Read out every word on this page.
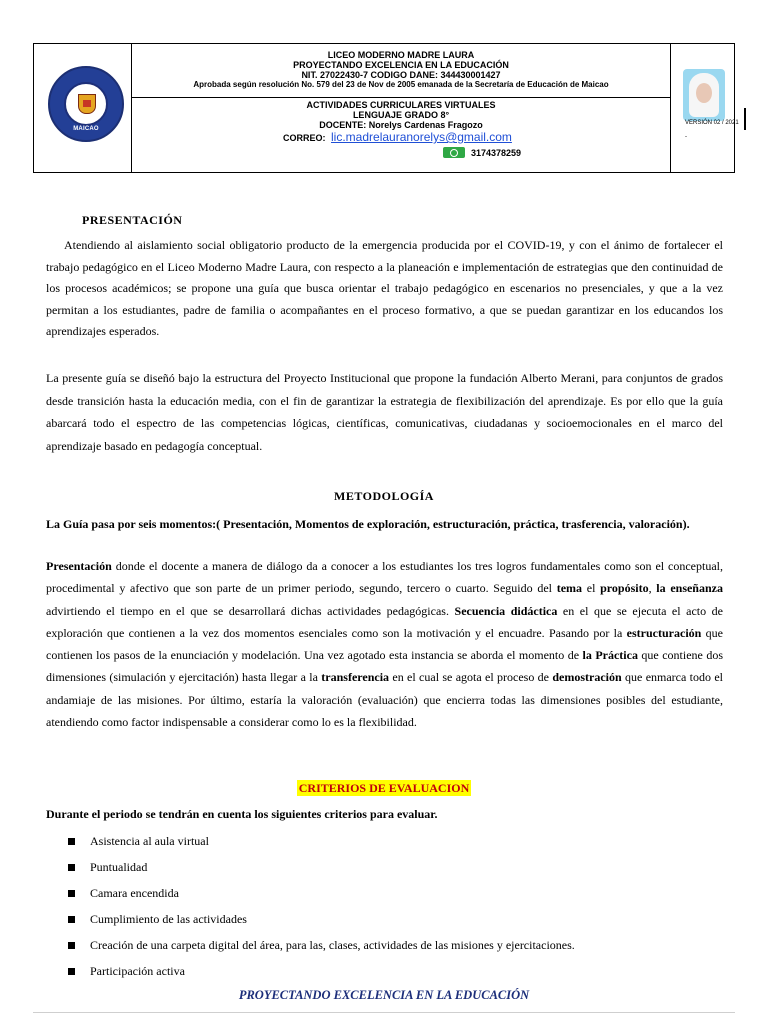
MAICAO
LICEO MODERNO MADRE LAURA
PROYECTANDO EXCELENCIA EN LA EDUCACIÓN
NIT. 27022430-7 CODIGO DANE: 344430001427
Aprobada según resolución No. 579 del 23 de Nov de 2005 emanada de la Secretaría de Educación de Maicao
ACTIVIDADES CURRICULARES VIRTUALES
LENGUAJE GRADO 8°
DOCENTE: Norelys Cardenas Fragozo
CORREO: lic.madrelauranorelys@gmail.com
3174378259
VERSIÓN 02 / 2021
.
PRESENTACIÓN

Atendiendo al aislamiento social obligatorio producto de la emergencia producida por el COVID-19, y con el ánimo de fortalecer el trabajo pedagógico en el Liceo Moderno Madre Laura, con respecto a la planeación e implementación de estrategias que den continuidad de los procesos académicos; se propone una guía que busca orientar el trabajo pedagógico en escenarios no presenciales, y que a la vez permitan a los estudiantes, padre de familia o acompañantes en el proceso formativo, a que se puedan garantizar en los educandos los aprendizajes esperados.

La presente guía se diseñó bajo la estructura del Proyecto Institucional que propone la fundación Alberto Merani, para conjuntos de grados desde transición hasta la educación media, con el fin de garantizar la estrategia de flexibilización del aprendizaje. Es por ello que la guía abarcará todo el espectro de las competencias lógicas, científicas, comunicativas, ciudadanas y socioemocionales en el marco del aprendizaje basado en pedagogía conceptual.

METODOLOGÍA

La Guía pasa por seis momentos:( Presentación, Momentos de exploración, estructuración, práctica, trasferencia, valoración).

Presentación donde el docente a manera de diálogo da a conocer a los estudiantes los tres logros fundamentales como son el conceptual, procedimental y afectivo que son parte de un primer periodo, segundo, tercero o cuarto. Seguido del tema el propósito, la enseñanza advirtiendo el tiempo en el que se desarrollará dichas actividades pedagógicas. Secuencia didáctica en el que se ejecuta el acto de exploración que contienen a la vez dos momentos esenciales como son la motivación y el encuadre. Pasando por la estructuración que contienen los pasos de la enunciación y modelación. Una vez agotado esta instancia se aborda el momento de la Práctica que contiene dos dimensiones (simulación y ejercitación) hasta llegar a la transferencia en el cual se agota el proceso de demostración que enmarca todo el andamiaje de las misiones. Por último, estaría la valoración (evaluación) que encierra todas las dimensiones posibles del estudiante, atendiendo como factor indispensable a considerar como lo es la flexibilidad.

CRITERIOS DE EVALUACION
Durante el periodo se tendrán en cuenta los siguientes criterios para evaluar.
Asistencia al aula virtual
Puntualidad
Camara encendida
Cumplimiento de las actividades
Creación de una carpeta digital del área, para las, clases, actividades de las misiones y ejercitaciones.
Participación activa
PROYECTANDO EXCELENCIA EN LA EDUCACIÓN
